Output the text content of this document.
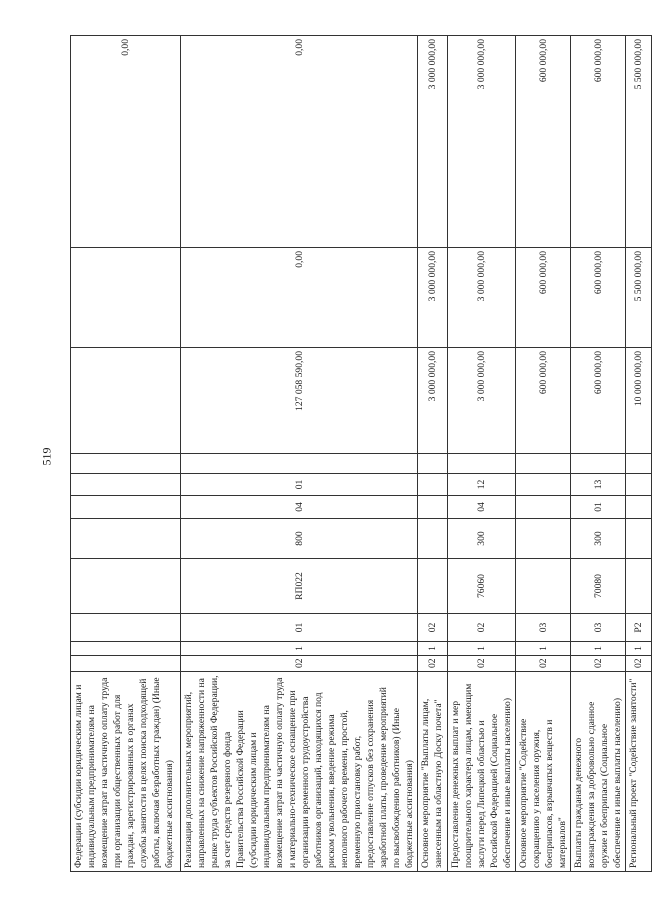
519
Федерации (субсидии юридическим лицам и индивидуальным предпринимателям на возмещение затрат на частичную оплату труда при организации общественных работ для граждан, зарегистрированных в органах службы занятости в целях поиска подходящей работы, включая безработных граждан) (Иные бюджетные ассигнования)											0,00
Реализация дополнительных мероприятий, направленных на снижение напряженности на рынке труда субъектов Российской Федерации, за счет средств резервного фонда Правительства Российской Федерации (субсидии юридическим лицам и индивидуальным предпринимателям на возмещение затрат на частичную оплату труда и материально-техническое оснащение при организации временного трудоустройства работников организаций, находящихся под риском увольнения, введение режима неполного рабочего времени, простой, временную приостановку работ, предоставление отпусков без сохранения заработной платы, проведение мероприятий по высвобождению работников) (Иные бюджетные ассигнования)	02	1	01	RП022	800	04	01		127 058 590,00	0,00	0,00
Основное мероприятие "Выплаты лицам, занесенным на областную Доску почета"	02	1	02						3 000 000,00	3 000 000,00	3 000 000,00
Предоставление денежных выплат и мер поощрительного характера лицам, имеющим заслуги перед Липецкой областью и Российской Федерацией (Социальное обеспечение и иные выплаты населению)	02	1	02	76060	300	04	12		3 000 000,00	3 000 000,00	3 000 000,00
Основное мероприятие "Содействие сокращению у населения оружия, боеприпасов, взрывчатых веществ и материалов"	02	1	03						600 000,00	600 000,00	600 000,00
Выплаты гражданам денежного вознаграждения за добровольно сданное оружие и боеприпасы (Социальное обеспечение и иные выплаты населению)	02	1	03	70080	300	01	13		600 000,00	600 000,00	600 000,00
Региональный проект "Содействие занятости"	02	1	P2						10 000 000,00	5 500 000,00	5 500 000,00
